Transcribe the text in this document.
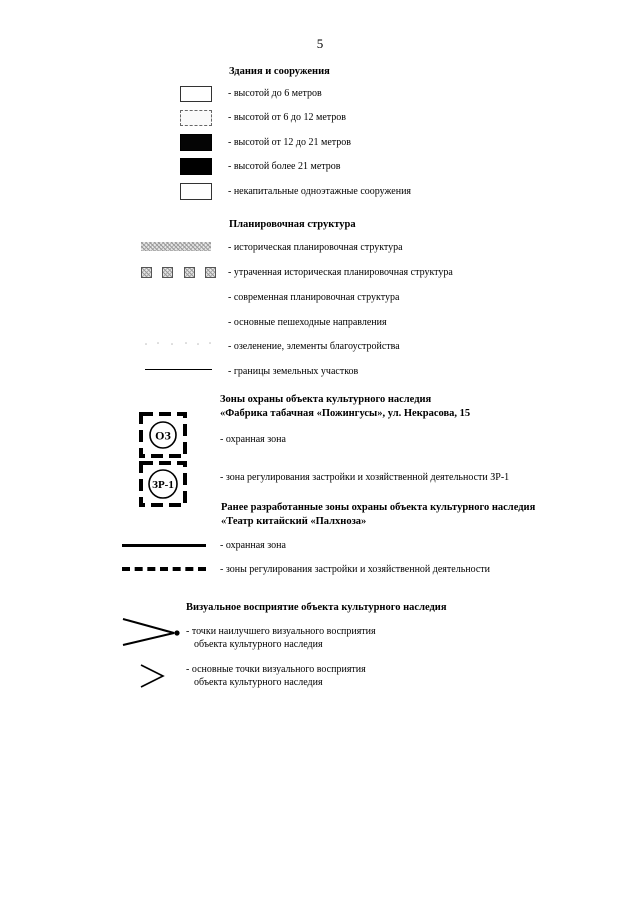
5
Здания и сооружения
- высотой до 6 метров
- высотой от 6 до 12 метров
- высотой от 12 до 21 метров
- высотой более 21 метров
- некапитальные одноэтажные сооружения
Планировочная структура
- историческая планировочная структура
- утраченная историческая планировочная структура
- современная планировочная структура
- основные пешеходные направления
- озеленение, элементы благоустройства
- границы земельных участков
Зоны охраны объекта культурного наследия
«Фабрика табачная «Пожингусы», ул. Некрасова, 15
ОЗ	- охранная зона
ЗР-1
- зона регулирования застройки и хозяйственной деятельности ЗР-1
Ранее разработанные зоны охраны объекта культурного наследия
«Театр китайский «Палхноза»
- охранная зона
- зоны регулирования застройки и хозяйственной деятельности
Визуальное восприятие объекта культурного наследия
- точки наилучшего визуального восприятия
объекта культурного наследия
- основные точки визуального восприятия
объекта культурного наследия
